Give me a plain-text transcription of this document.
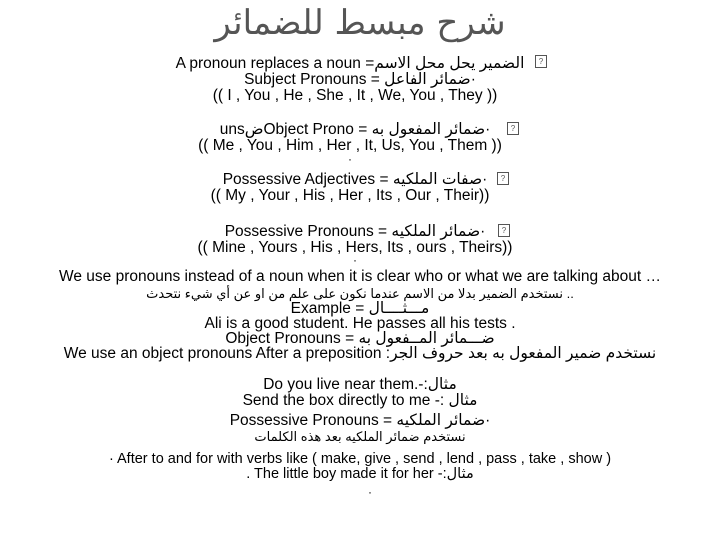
شرح مبسط للضمائر
?
A pronoun replaces a noun =الضمير يحل محل الاسم
Subject Pronouns = ضمائر الفاعل·
(( I , You , He , She , It , We, You , They ))
?
unsضObject Prono = ضمائر المفعول به·
(( Me , You , Him , Her , It, Us, You , Them ))
·
?
Possessive Adjectives = صفات الملكيه·
(( My , Your , His , Her , Its , Our , Their))
?
Possessive Pronouns = ضمائر الملكيه·
(( Mine , Yours , His , Hers, Its , ours , Theirs))
·
We use pronouns instead of a noun when it is clear who or what we are talking about …
نستخدم الضمير بدلا من الاسم عندما نكون على علم من او عن أي شيء نتحدث ..
Example = مـــثــــال
Ali is a good student. He passes all his tests .
Object Pronouns = ضـــمائر المــفعول به
We use an object pronouns After a preposition :نستخدم ضمير المفعول به بعد حروف الجر
Do you live near them.-:مثال
Send the box directly to me -: مثال
Possessive Pronouns = ضمائر الملكيه·
نستخدم ضمائر الملكيه بعد هذه الكلمات
· After to and for with verbs like ( make, give , send , lend , pass , take , show )
. The little boy made it for her -:مثال
·
